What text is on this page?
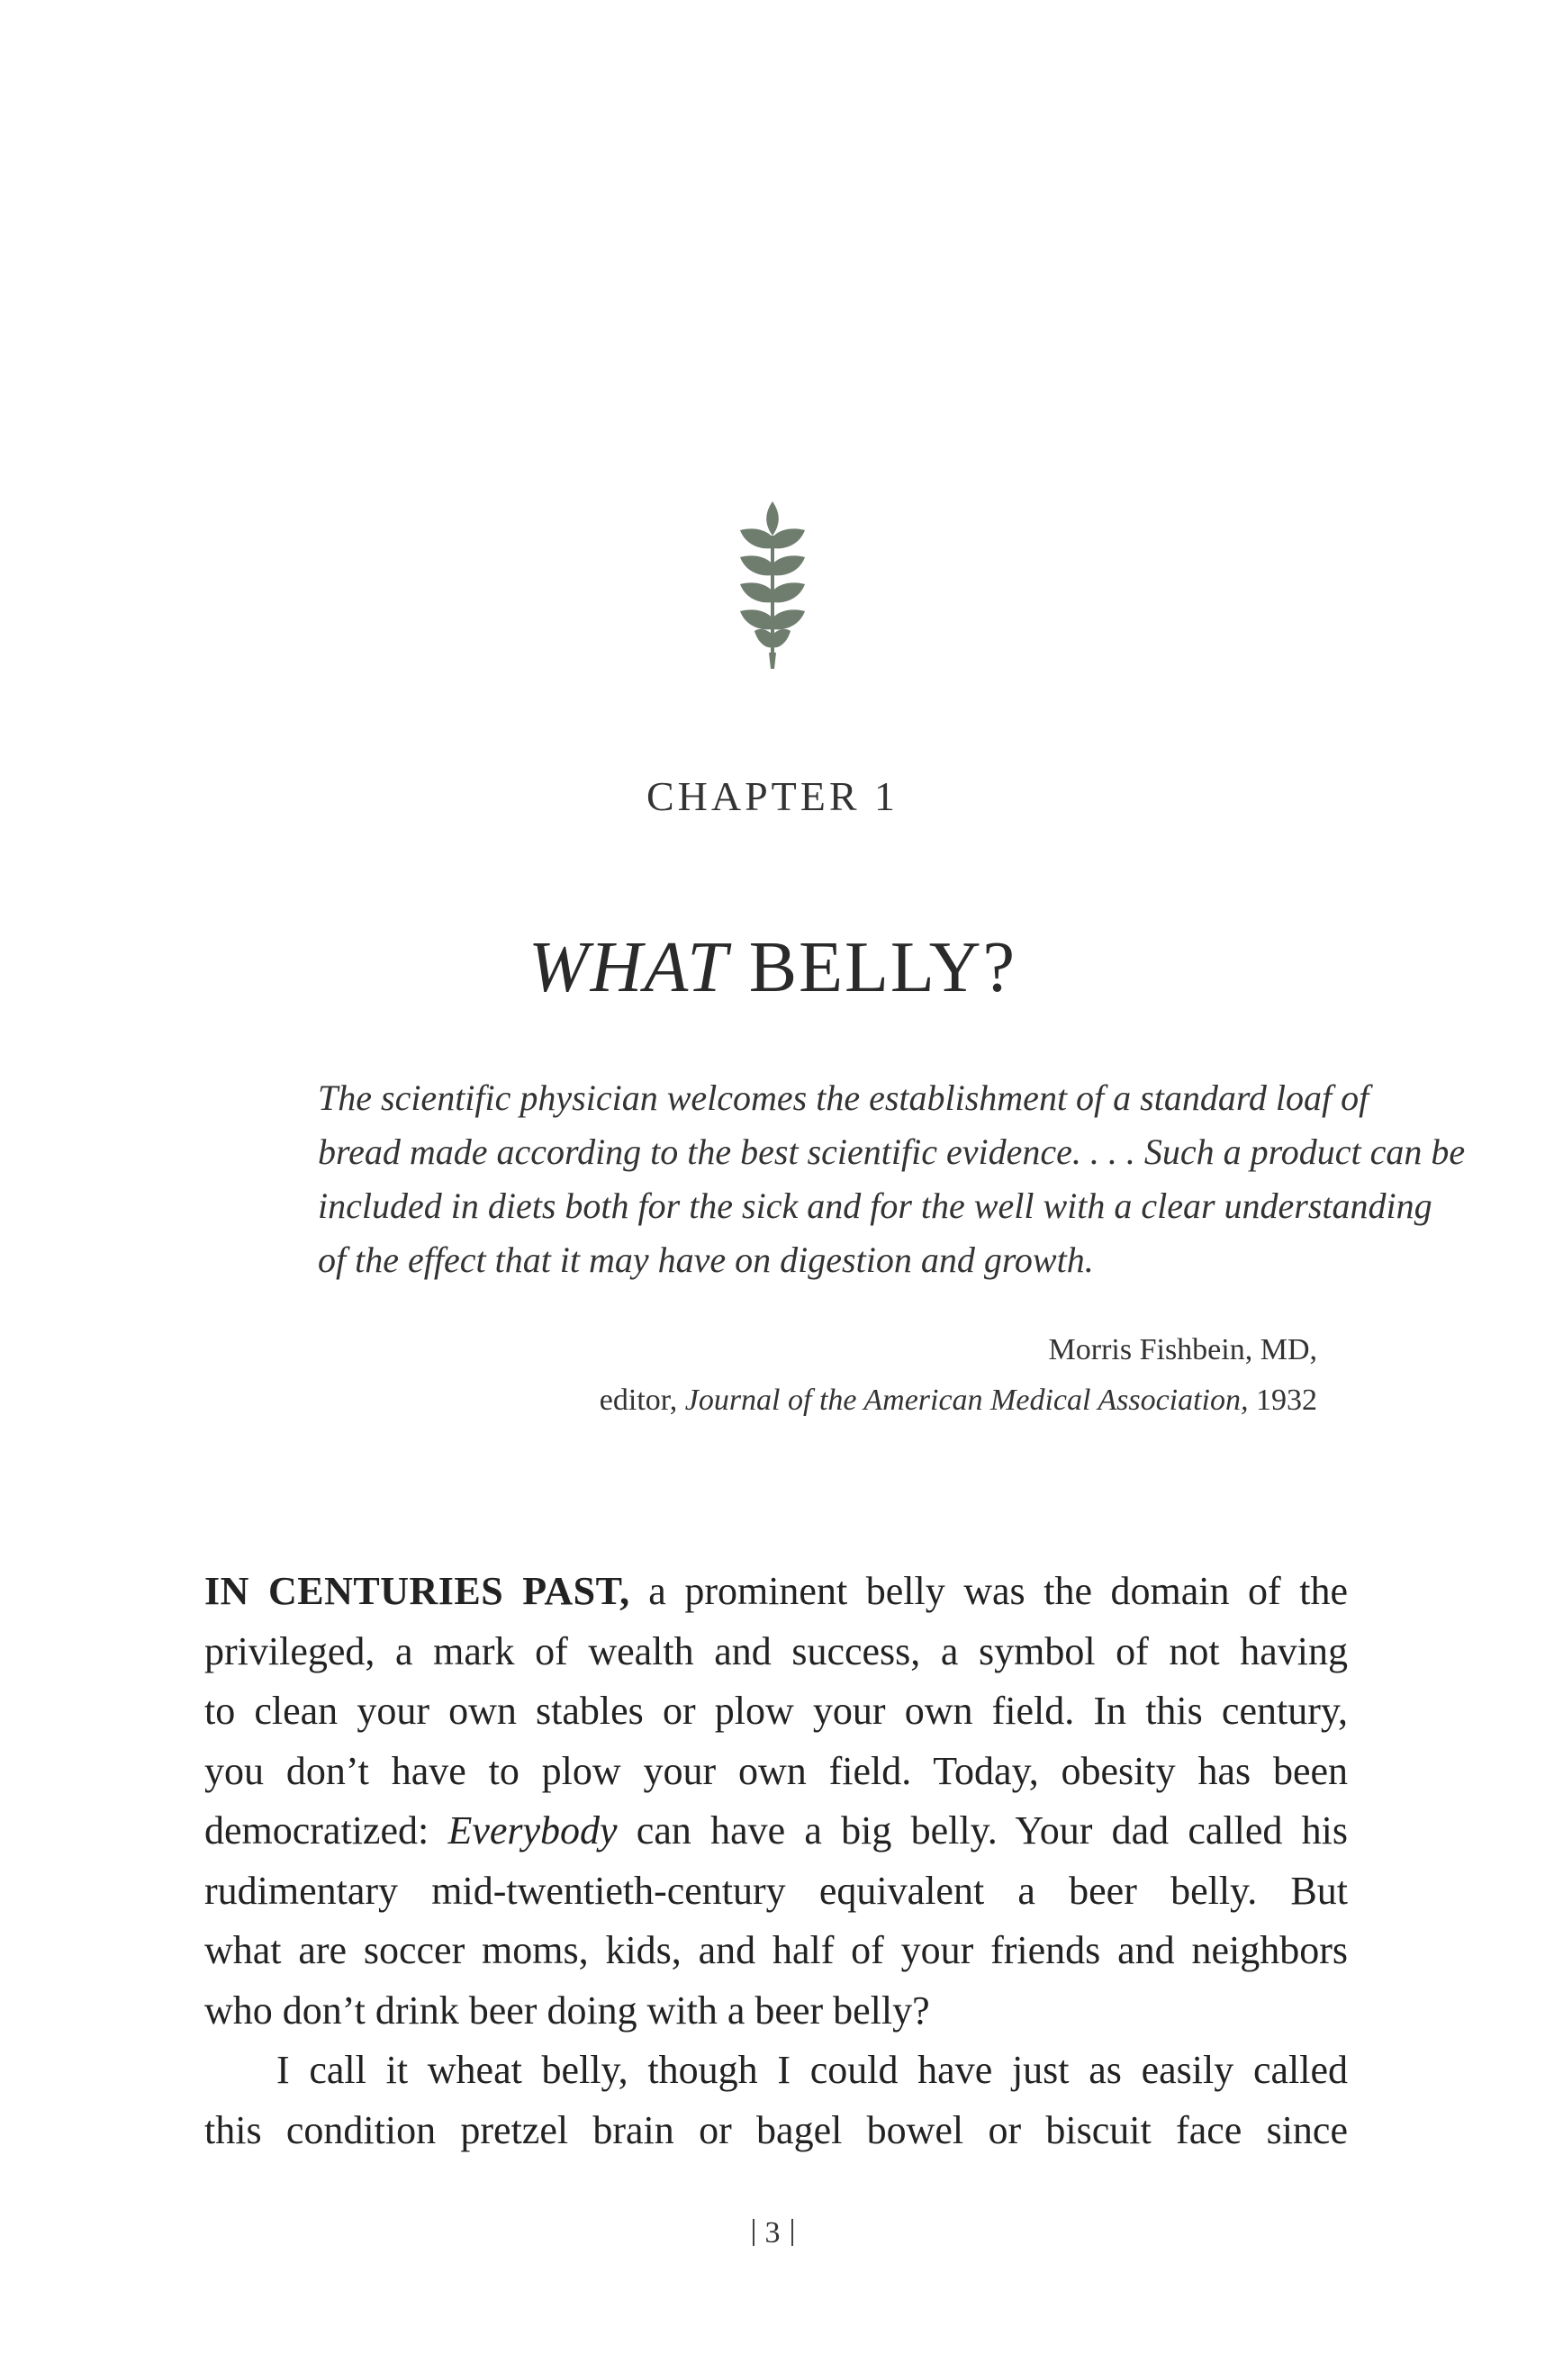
CHAPTER 1
WHAT BELLY?

The scientific physician welcomes the establishment of a standard loaf of
bread made according to the best scientific evidence. . . . Such a product can be
included in diets both for the sick and for the well with a clear understanding
of the effect that it may have on digestion and growth.

Morris Fishbein, MD,
editor, Journal of the American Medical Association, 1932
IN CENTURIES PAST, a prominent belly was the domain of the
privileged, a mark of wealth and success, a symbol of not having
to clean your own stables or plow your own field. In this century,
you don’t have to plow your own field. Today, obesity has been
democratized: Everybody can have a big belly. Your dad called his
rudimentary mid-twentieth-century equivalent a beer belly. But
what are soccer moms, kids, and half of your friends and neighbors
who don’t drink beer doing with a beer belly?
I call it wheat belly, though I could have just as easily called
this condition pretzel brain or bagel bowel or biscuit face since
3
